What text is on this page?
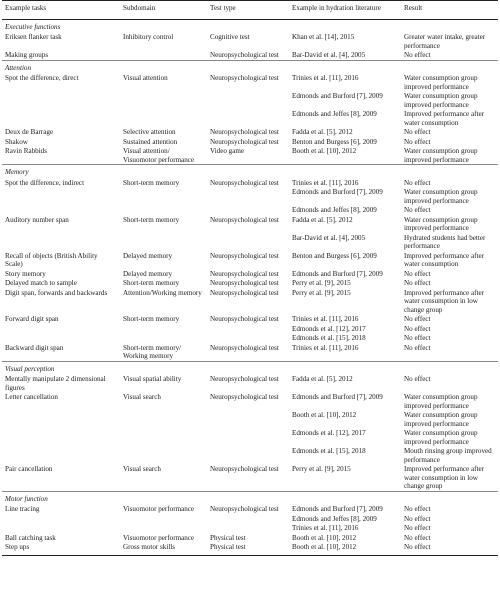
Example tasks	Subdomain	Test type	Example in hydration literature	Result
Executive functions				
Eriksen flanker task	Inhibitory control	Cognitive test	Khan et al. [14], 2015	Greater water intake, greater performance
Making groups		Neuropsychological test	Bar-David et al. [4], 2005	No effect
Attention				
Spot the difference, direct	Visual attention	Neuropsychological test	Trinies et al. [11], 2016	Water consumption group improved performance
			Edmonds and Burford [7], 2009	Water consumption group improved performance
			Edmonds and Jeffes [8], 2009	Improved performance after water consumption
Deux de Barrage	Selective attention	Neuropsychological test	Fadda et al. [5], 2012	No effect
Shakow	Sustained attention	Neuropsychological test	Benton and Burgess [6], 2009	No effect
Ravin Rabbids	Visual attention/ Visuomotor performance	Video game	Booth et al. [10], 2012	Water consumption group improved performance
Memory				
Spot the difference, indirect	Short-term memory	Neuropsychological test	Trinies et al. [11], 2016	No effect
			Edmonds and Burford [7], 2009	Water consumption group improved performance
			Edmonds and Jeffes [8], 2009	No effect
Auditory number span	Short-term memory	Neuropsychological test	Fadda et al. [5], 2012	Water consumption group improved performance
			Bar-David et al. [4], 2005	Hydrated students had better performance
Recall of objects (British Ability Scale)	Delayed memory	Neuropsychological test	Benton and Burgess [6], 2009	Improved performance after water consumption
Story memory	Delayed memory	Neuropsychological test	Edmonds and Burford [7], 2009	No effect
Delayed match to sample	Short-term memory	Neuropsychological test	Perry et al. [9], 2015	No effect
Digit span, forwards and backwards	Attention/Working memory	Neuropsychological test	Perry et al. [9], 2015	Improved performance after water consumption in low change group
Forward digit span	Short-term memory	Neuropsychological test	Trinies et al. [11], 2016	No effect
			Edmonds et al. [12], 2017	No effect
			Edmonds et al. [15], 2018	No effect
Backward digit span	Short-term memory/ Working memory	Neuropsychological test	Trinies et al. [11], 2016	No effect
Visual perception				
Mentally manipulate 2 dimensional figures	Visual spatial ability	Neuropsychological test	Fadda et al. [5], 2012	No effect
Letter cancellation	Visual search	Neuropsychological test	Edmonds and Burford [7], 2009	Water consumption group improved performance
			Booth et al. [10], 2012	Water consumption group improved performance
			Edmonds et al. [12], 2017	Water consumption group improved performance
			Edmonds et al. [15], 2018	Mouth rinsing group improved performance
Pair cancellation	Visual search	Neuropsychological test	Perry et al. [9], 2015	Improved performance after water consumption in low change group
Motor function				
Line tracing	Visuomotor performance	Neuropsychological test	Edmonds and Burford [7], 2009	No effect
			Edmonds and Jeffes [8], 2009	No effect
			Trinies et al. [11], 2016	No effect
Ball catching task	Visuomotor performance	Physical test	Booth et al. [10], 2012	No effect
Step ups	Gross motor skills	Physical test	Booth et al. [10], 2012	No effect
